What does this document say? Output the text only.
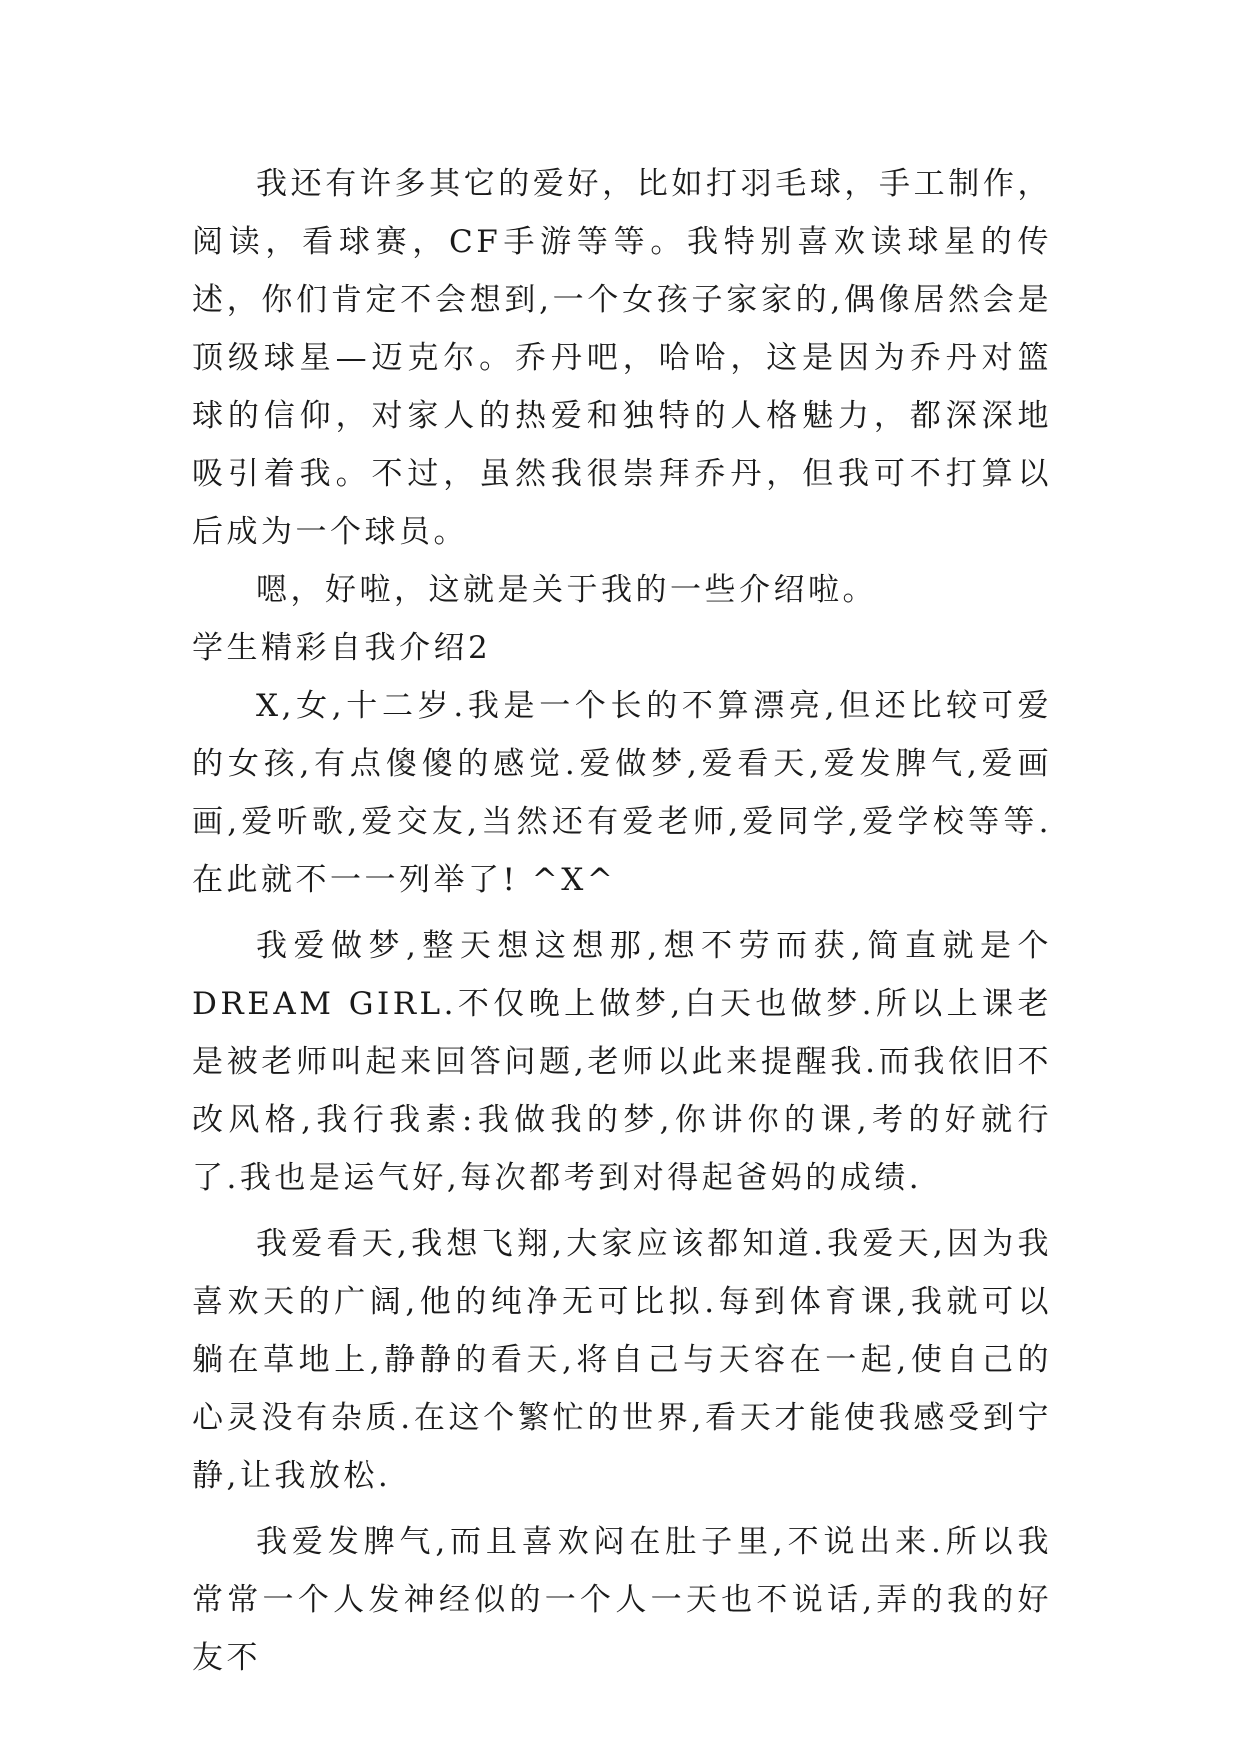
我还有许多其它的爱好，比如打羽毛球，手工制作，阅读，看球赛，CF手游等等。我特别喜欢读球星的传述，你们肯定不会想到,一个女孩子家家的,偶像居然会是顶级球星—迈克尔。乔丹吧，哈哈，这是因为乔丹对篮球的信仰，对家人的热爱和独特的人格魅力，都深深地吸引着我。不过，虽然我很崇拜乔丹，但我可不打算以后成为一个球员。

嗯，好啦，这就是关于我的一些介绍啦。

学生精彩自我介绍2

X,女,十二岁.我是一个长的不算漂亮,但还比较可爱的女孩,有点傻傻的感觉.爱做梦,爱看天,爱发脾气,爱画画,爱听歌,爱交友,当然还有爱老师,爱同学,爱学校等等.在此就不一一列举了! ^X^

我爱做梦,整天想这想那,想不劳而获,简直就是个DREAM GIRL.不仅晚上做梦,白天也做梦.所以上课老是被老师叫起来回答问题,老师以此来提醒我.而我依旧不改风格,我行我素:我做我的梦,你讲你的课,考的好就行了.我也是运气好,每次都考到对得起爸妈的成绩.

我爱看天,我想飞翔,大家应该都知道.我爱天,因为我喜欢天的广阔,他的纯净无可比拟.每到体育课,我就可以躺在草地上,静静的看天,将自己与天容在一起,使自己的心灵没有杂质.在这个繁忙的世界,看天才能使我感受到宁静,让我放松.

我爱发脾气,而且喜欢闷在肚子里,不说出来.所以我常常一个人发神经似的一个人一天也不说话,弄的我的好友不
